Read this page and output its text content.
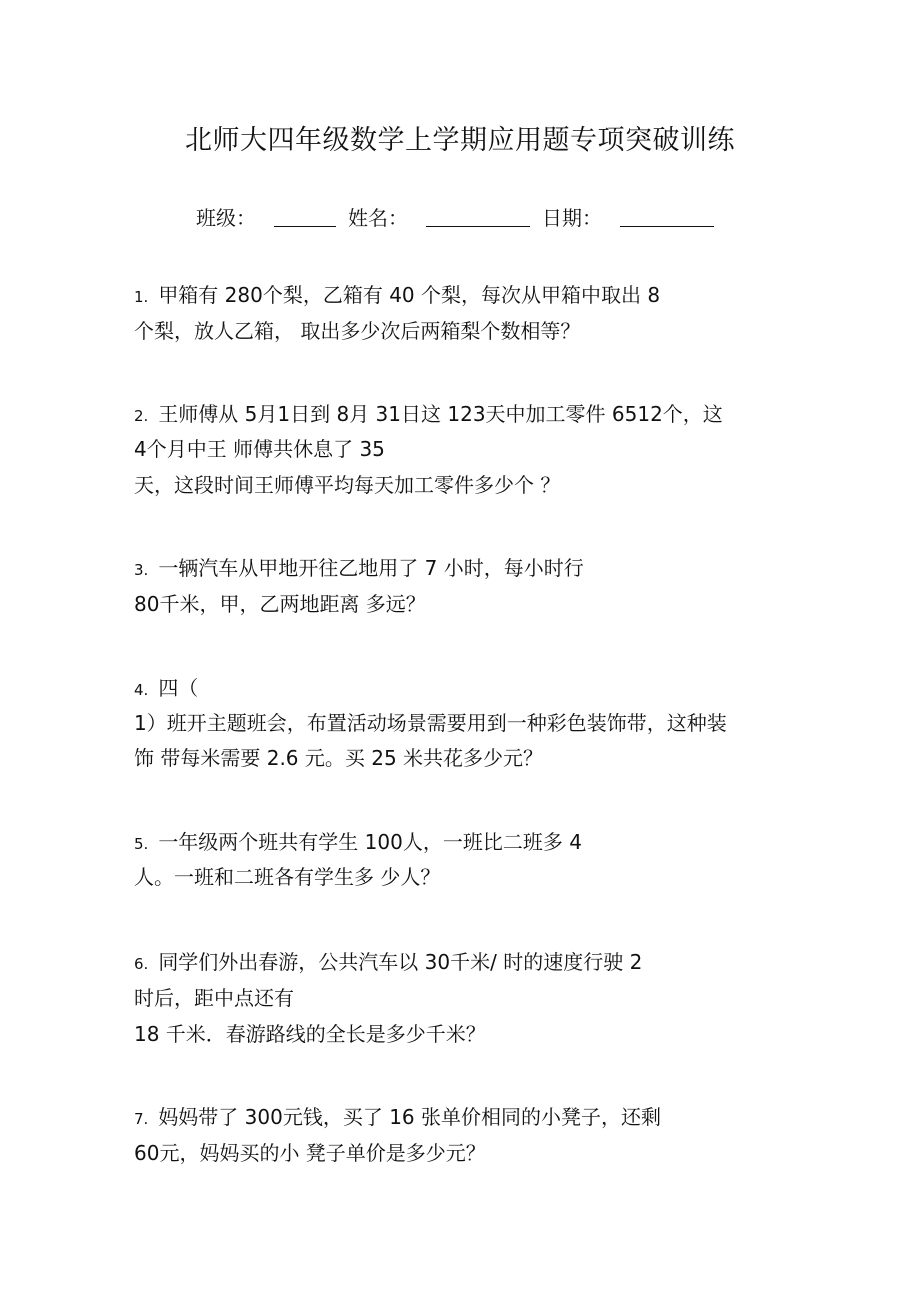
北师大四年级数学上学期应用题专项突破训练
班级：	姓名：	日期：
1. 甲箱有 280个梨，乙箱有 40 个梨，每次从甲箱中取出 8
个梨，放人乙箱， 取出多少次后两箱梨个数相等？
2. 王师傅从 5月1日到 8月 31日这 123天中加工零件 6512个，这
4个月中王 师傅共休息了 35
天，这段时间王师傅平均每天加工零件多少个 ？
3. 一辆汽车从甲地开往乙地用了 7 小时，每小时行
80千米，甲，乙两地距离 多远？
4. 四（
1）班开主题班会，布置活动场景需要用到一种彩色装饰带，这种装
饰 带每米需要 2.6 元。买 25 米共花多少元？
5. 一年级两个班共有学生 100人，一班比二班多 4
人。一班和二班各有学生多 少人？
6. 同学们外出春游，公共汽车以 30千米/ 时的速度行驶 2
时后，距中点还有
18 千米．春游路线的全长是多少千米？
7. 妈妈带了 300元钱，买了 16 张单价相同的小凳子，还剩
60元，妈妈买的小 凳子单价是多少元？
